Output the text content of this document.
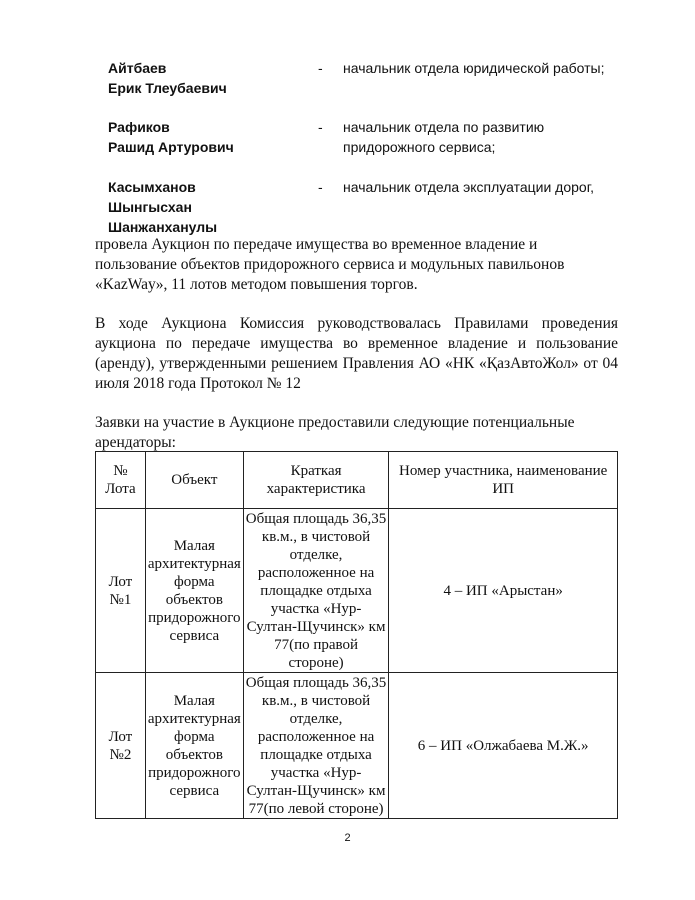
Айтбаев
Ерик Тлеубаевич
- начальник отдела юридической работы;
Рафиков
Рашид Артурович
- начальник отдела по развитию придорожного сервиса;
Касымханов
Шынгысхан
Шанжанханулы
- начальник отдела эксплуатации дорог,

провела Аукцион по передаче имущества во временное владение и пользование объектов придорожного сервиса и модульных павильонов «KazWay», 11 лотов методом повышения торгов.

В ходе Аукциона Комиссия руководствовалась Правилами проведения аукциона по передаче имущества во временное владение и пользование (аренду), утвержденными решением Правления АО «НК «ҚазАвтоЖол» от 04 июля 2018 года Протокол № 12

Заявки на участие в Аукционе предоставили следующие потенциальные арендаторы:

№ Лота	Объект	Краткая характеристика	Номер участника, наименование ИП
Лот №1	Малая архитектурная форма объектов придорожного сервиса	Общая площадь 36,35 кв.м., в чистовой отделке, расположенное на площадке отдыха участка «Нур-Султан-Щучинск» км 77(по правой стороне)	4 – ИП «Арыстан»
Лот №2	Малая архитектурная форма объектов придорожного сервиса	Общая площадь 36,35 кв.м., в чистовой отделке, расположенное на площадке отдыха участка «Нур-Султан-Щучинск» км 77(по левой стороне)	6 – ИП «Олжабаева М.Ж.»
2
